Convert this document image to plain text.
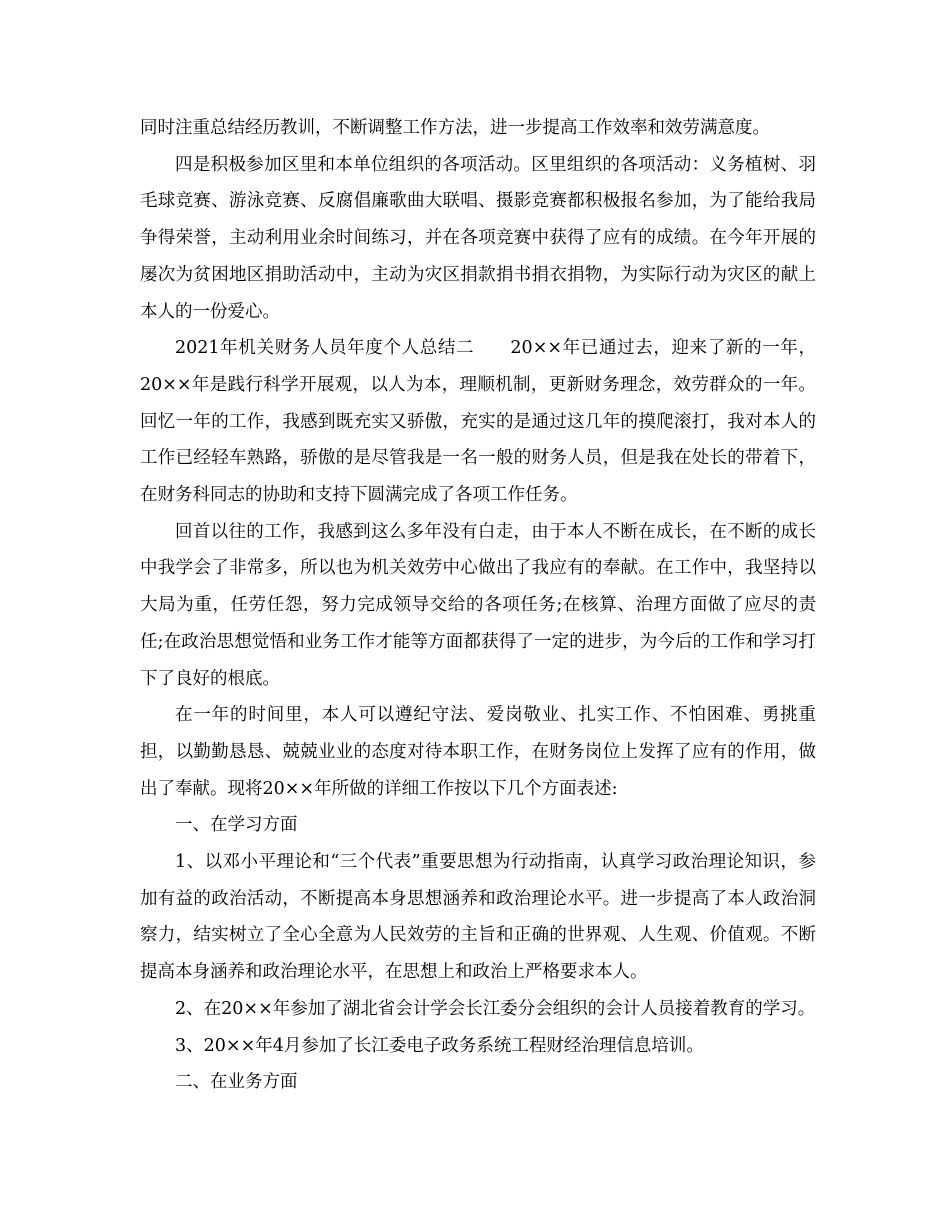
同时注重总结经历教训，不断调整工作方法，进一步提高工作效率和效劳满意度。

四是积极参加区里和本单位组织的各项活动。区里组织的各项活动：义务植树、羽毛球竞赛、游泳竞赛、反腐倡廉歌曲大联唱、摄影竞赛都积极报名参加，为了能给我局争得荣誉，主动利用业余时间练习，并在各项竞赛中获得了应有的成绩。在今年开展的屡次为贫困地区捐助活动中，主动为灾区捐款捐书捐衣捐物，为实际行动为灾区的献上本人的一份爱心。

2021年机关财务人员年度个人总结二　　20××年已通过去，迎来了新的一年，20××年是践行科学开展观，以人为本，理顺机制，更新财务理念，效劳群众的一年。回忆一年的工作，我感到既充实又骄傲，充实的是通过这几年的摸爬滚打，我对本人的工作已经轻车熟路，骄傲的是尽管我是一名一般的财务人员，但是我在处长的带着下，在财务科同志的协助和支持下圆满完成了各项工作任务。

回首以往的工作，我感到这么多年没有白走，由于本人不断在成长，在不断的成长中我学会了非常多，所以也为机关效劳中心做出了我应有的奉献。在工作中，我坚持以大局为重，任劳任怨，努力完成领导交给的各项任务;在核算、治理方面做了应尽的责任;在政治思想觉悟和业务工作才能等方面都获得了一定的进步，为今后的工作和学习打下了良好的根底。

在一年的时间里，本人可以遵纪守法、爱岗敬业、扎实工作、不怕困难、勇挑重担，以勤勤恳恳、兢兢业业的态度对待本职工作，在财务岗位上发挥了应有的作用，做出了奉献。现将20××年所做的详细工作按以下几个方面表述:

一、在学习方面

1、以邓小平理论和“三个代表”重要思想为行动指南，认真学习政治理论知识，参加有益的政治活动，不断提高本身思想涵养和政治理论水平。进一步提高了本人政治洞察力，结实树立了全心全意为人民效劳的主旨和正确的世界观、人生观、价值观。不断提高本身涵养和政治理论水平，在思想上和政治上严格要求本人。

2、在20××年参加了湖北省会计学会长江委分会组织的会计人员接着教育的学习。

3、20××年4月参加了长江委电子政务系统工程财经治理信息培训。

二、在业务方面
